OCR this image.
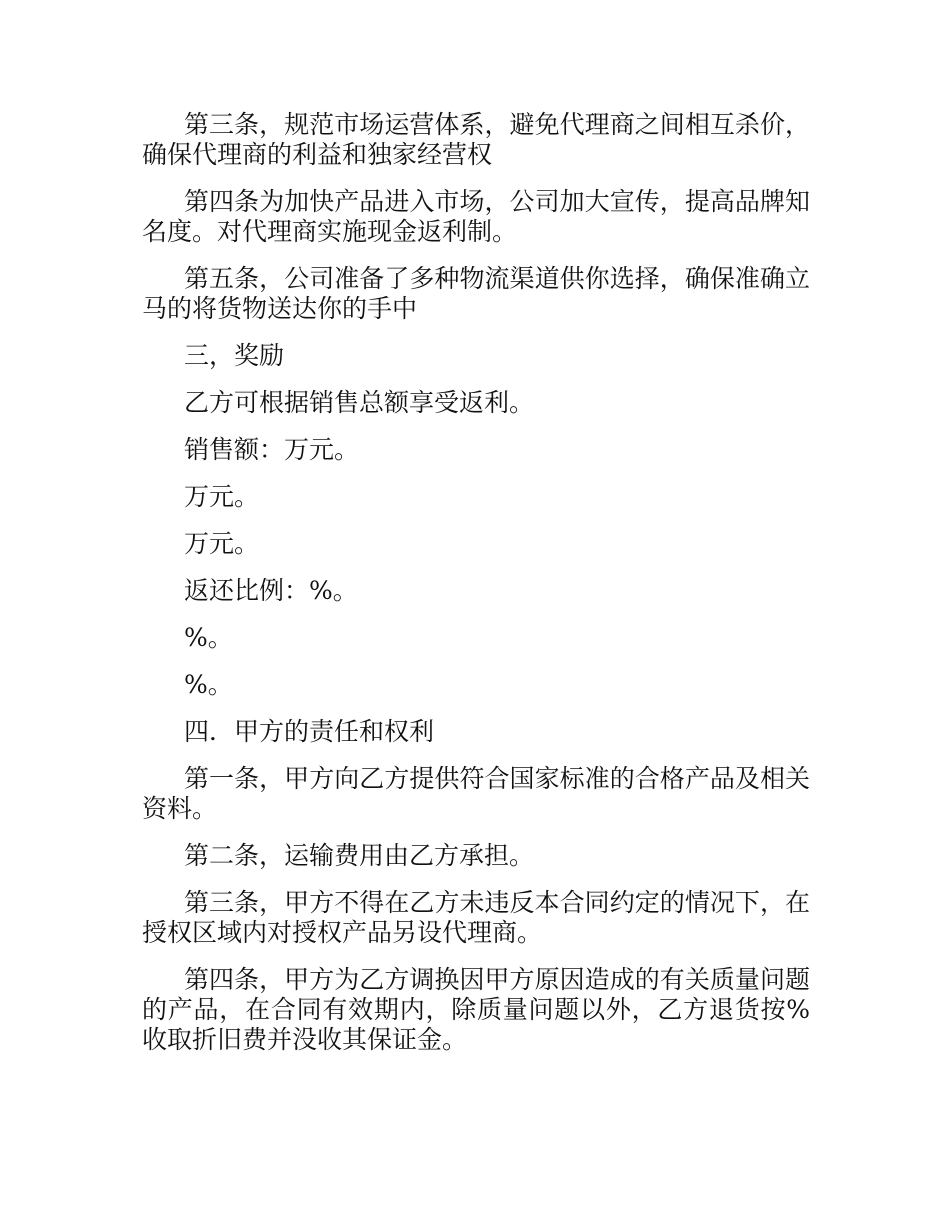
第三条，规范市场运营体系，避免代理商之间相互杀价，确保代理商的利益和独家经营权

第四条为加快产品进入市场，公司加大宣传，提高品牌知名度。对代理商实施现金返利制。

第五条，公司准备了多种物流渠道供你选择，确保准确立马的将货物送达你的手中

三，奖励

乙方可根据销售总额享受返利。

销售额：万元。

万元。

万元。

返还比例：%。

%。

%。

四．甲方的责任和权利

第一条，甲方向乙方提供符合国家标准的合格产品及相关资料。

第二条，运输费用由乙方承担。

第三条，甲方不得在乙方未违反本合同约定的情况下，在授权区域内对授权产品另设代理商。

第四条，甲方为乙方调换因甲方原因造成的有关质量问题的产品，在合同有效期内，除质量问题以外，乙方退货按%收取折旧费并没收其保证金。
